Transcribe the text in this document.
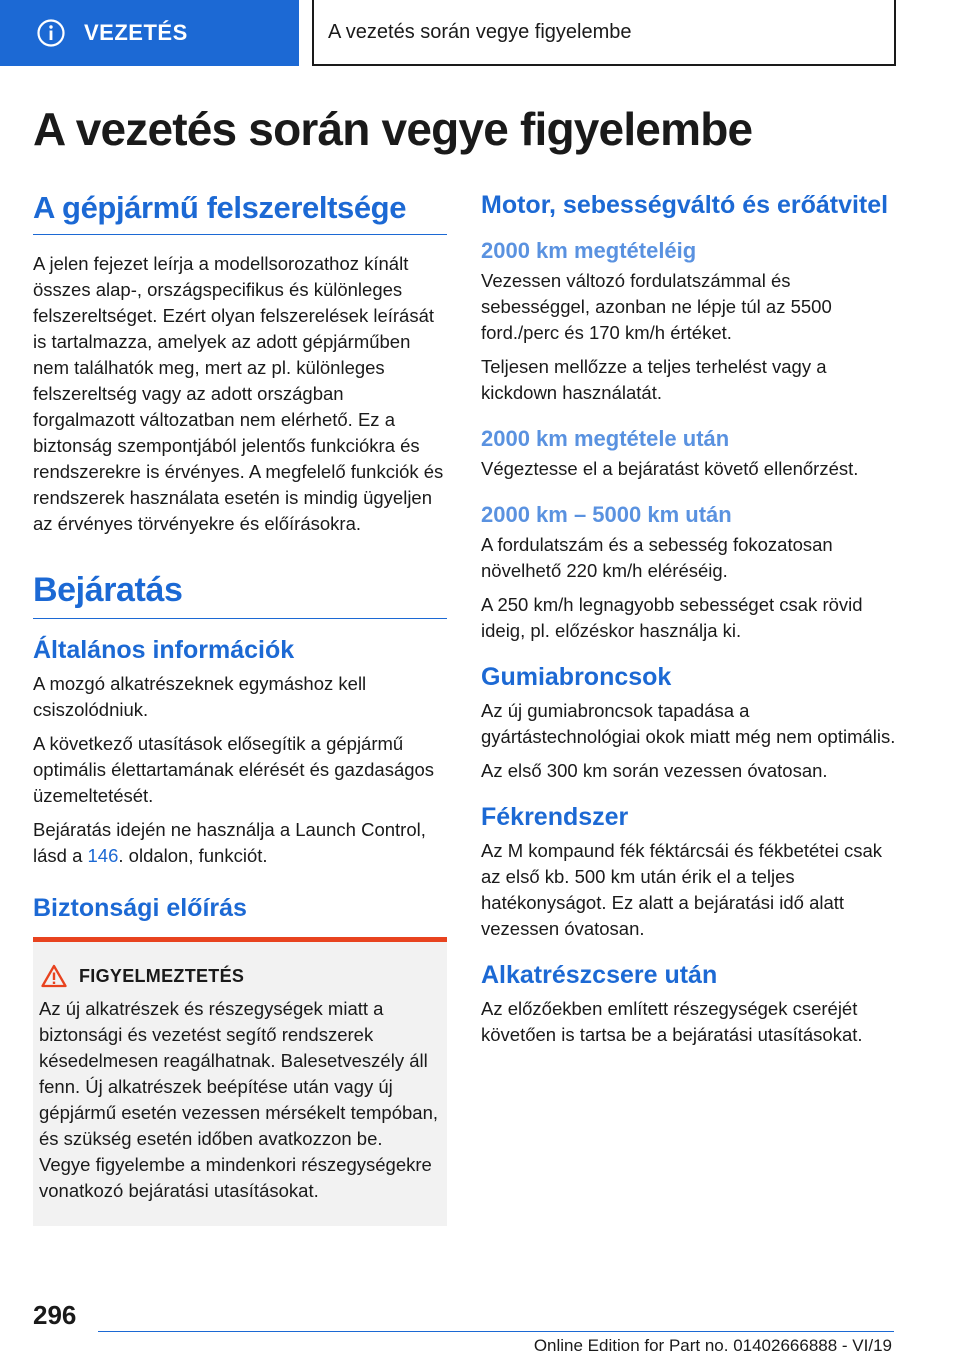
VEZETÉS	A vezetés során vegye figyelembe
A vezetés során vegye figyelembe
A gépjármű felszereltsége

A jelen fejezet leírja a modellsorozathoz kínált összes alap-, országspecifikus és különleges felszereltséget. Ezért olyan felszerelések leírását is tartalmazza, amelyek az adott gépjárműben nem találhatók meg, mert az pl. különleges felszereltség vagy az adott országban forgalmazott változatban nem elérhető. Ez a biztonság szempontjából jelentős funkciókra és rendszerekre is érvényes. A megfelelő funkciók és rendszerek használata esetén is mindig ügyeljen az érvényes törvényekre és előírásokra.

Bejáratás
Általános információk

A mozgó alkatrészeknek egymáshoz kell csiszolódniuk.

A következő utasítások elősegítik a gépjármű optimális élettartamának elérését és gazdaságos üzemeltetését.

Bejáratás idején ne használja a Launch Control, lásd a 146. oldalon, funkciót.

Biztonsági előírás
FIGYELMEZTETÉS

Az új alkatrészek és részegységek miatt a biztonsági és vezetést segítő rendszerek késedelmesen reagálhatnak. Balesetveszély áll fenn. Új alkatrészek beépítése után vagy új gépjármű esetén vezessen mérsékelt tempóban, és szükség esetén időben avatkozzon be. Vegye figyelembe a mindenkori részegységekre vonatkozó bejáratási utasításokat.

Motor, sebességváltó és erőátvitel
2000 km megtételéig

Vezessen változó fordulatszámmal és sebességgel, azonban ne lépje túl az 5500 ford./perc és 170 km/h értéket.

Teljesen mellőzze a teljes terhelést vagy a kickdown használatát.

2000 km megtétele után

Végeztesse el a bejáratást követő ellenőrzést.

2000 km – 5000 km után

A fordulatszám és a sebesség fokozatosan növelhető 220 km/h eléréséig.

A 250 km/h legnagyobb sebességet csak rövid ideig, pl. előzéskor használja ki.

Gumiabroncsok

Az új gumiabroncsok tapadása a gyártástechnológiai okok miatt még nem optimális.

Az első 300 km során vezessen óvatosan.

Fékrendszer

Az M kompaund fék féktárcsái és fékbetétei csak az első kb. 500 km után érik el a teljes hatékonyságot. Ez alatt a bejáratási idő alatt vezessen óvatosan.

Alkatrészcsere után

Az előzőekben említett részegységek cseréjét követően is tartsa be a bejáratási utasításokat.

296
Online Edition for Part no. 01402666888 - VI/19
